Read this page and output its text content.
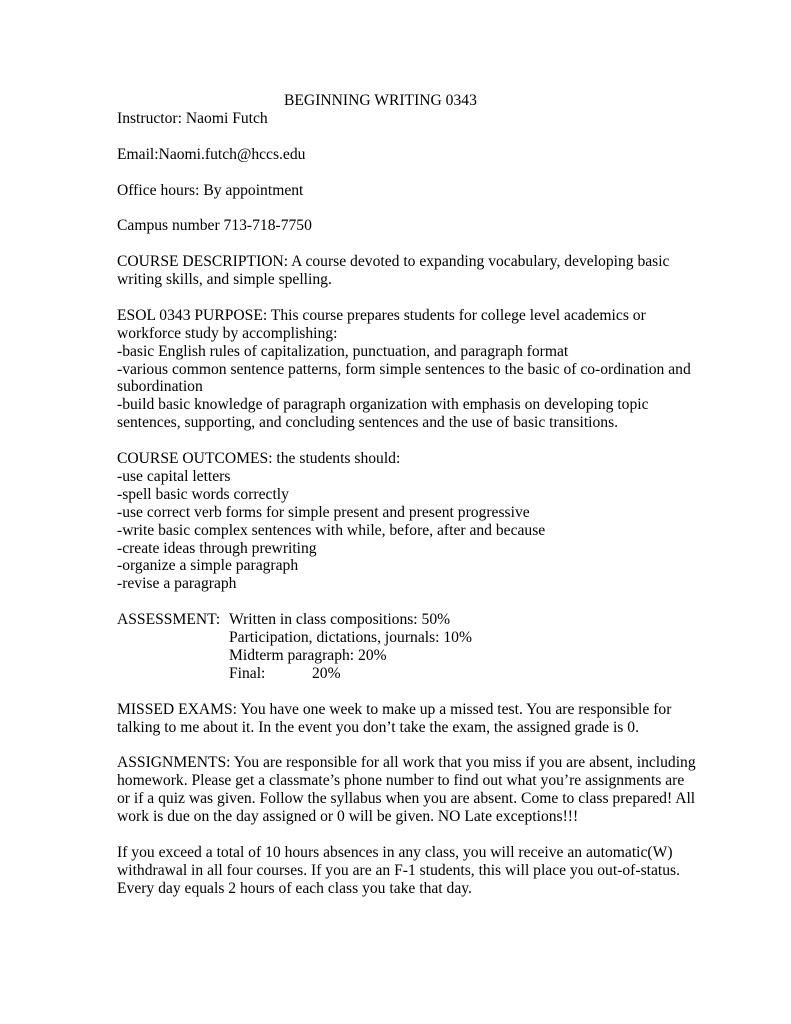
BEGINNING WRITING 0343

Instructor: Naomi Futch

Email:Naomi.futch@hccs.edu

Office hours: By appointment

Campus number 713-718-7750

COURSE DESCRIPTION: A course devoted to expanding vocabulary, developing basic writing skills, and simple spelling.

ESOL 0343 PURPOSE: This course prepares students for college level academics or workforce study by accomplishing:

-basic English rules of capitalization, punctuation, and paragraph format
-various common sentence patterns, form simple sentences to the basic of co-ordination and subordination
-build basic knowledge of paragraph organization with emphasis on developing topic sentences, supporting, and concluding sentences and the use of basic transitions.

COURSE OUTCOMES: the students should:

-use capital letters
-spell basic words correctly
-use correct verb forms for simple present and present progressive
-write basic complex sentences with while, before, after and because
-create ideas through prewriting
-organize a simple paragraph
-revise a paragraph
ASSESSMENT: Written in class compositions: 50%
Participation, dictations, journals: 10%
Midterm paragraph: 20%
Final:	20%

MISSED EXAMS: You have one week to make up a missed test. You are responsible for talking to me about it. In the event you don’t take the exam, the assigned grade is 0.

ASSIGNMENTS: You are responsible for all work that you miss if you are absent, including homework. Please get a classmate’s phone number to find out what you’re assignments are or if a quiz was given. Follow the syllabus when you are absent. Come to class prepared! All work is due on the day assigned or 0 will be given. NO Late exceptions!!!

If you exceed a total of 10 hours absences in any class, you will receive an automatic(W) withdrawal in all four courses. If you are an F-1 students, this will place you out-of-status. Every day equals 2 hours of each class you take that day.
